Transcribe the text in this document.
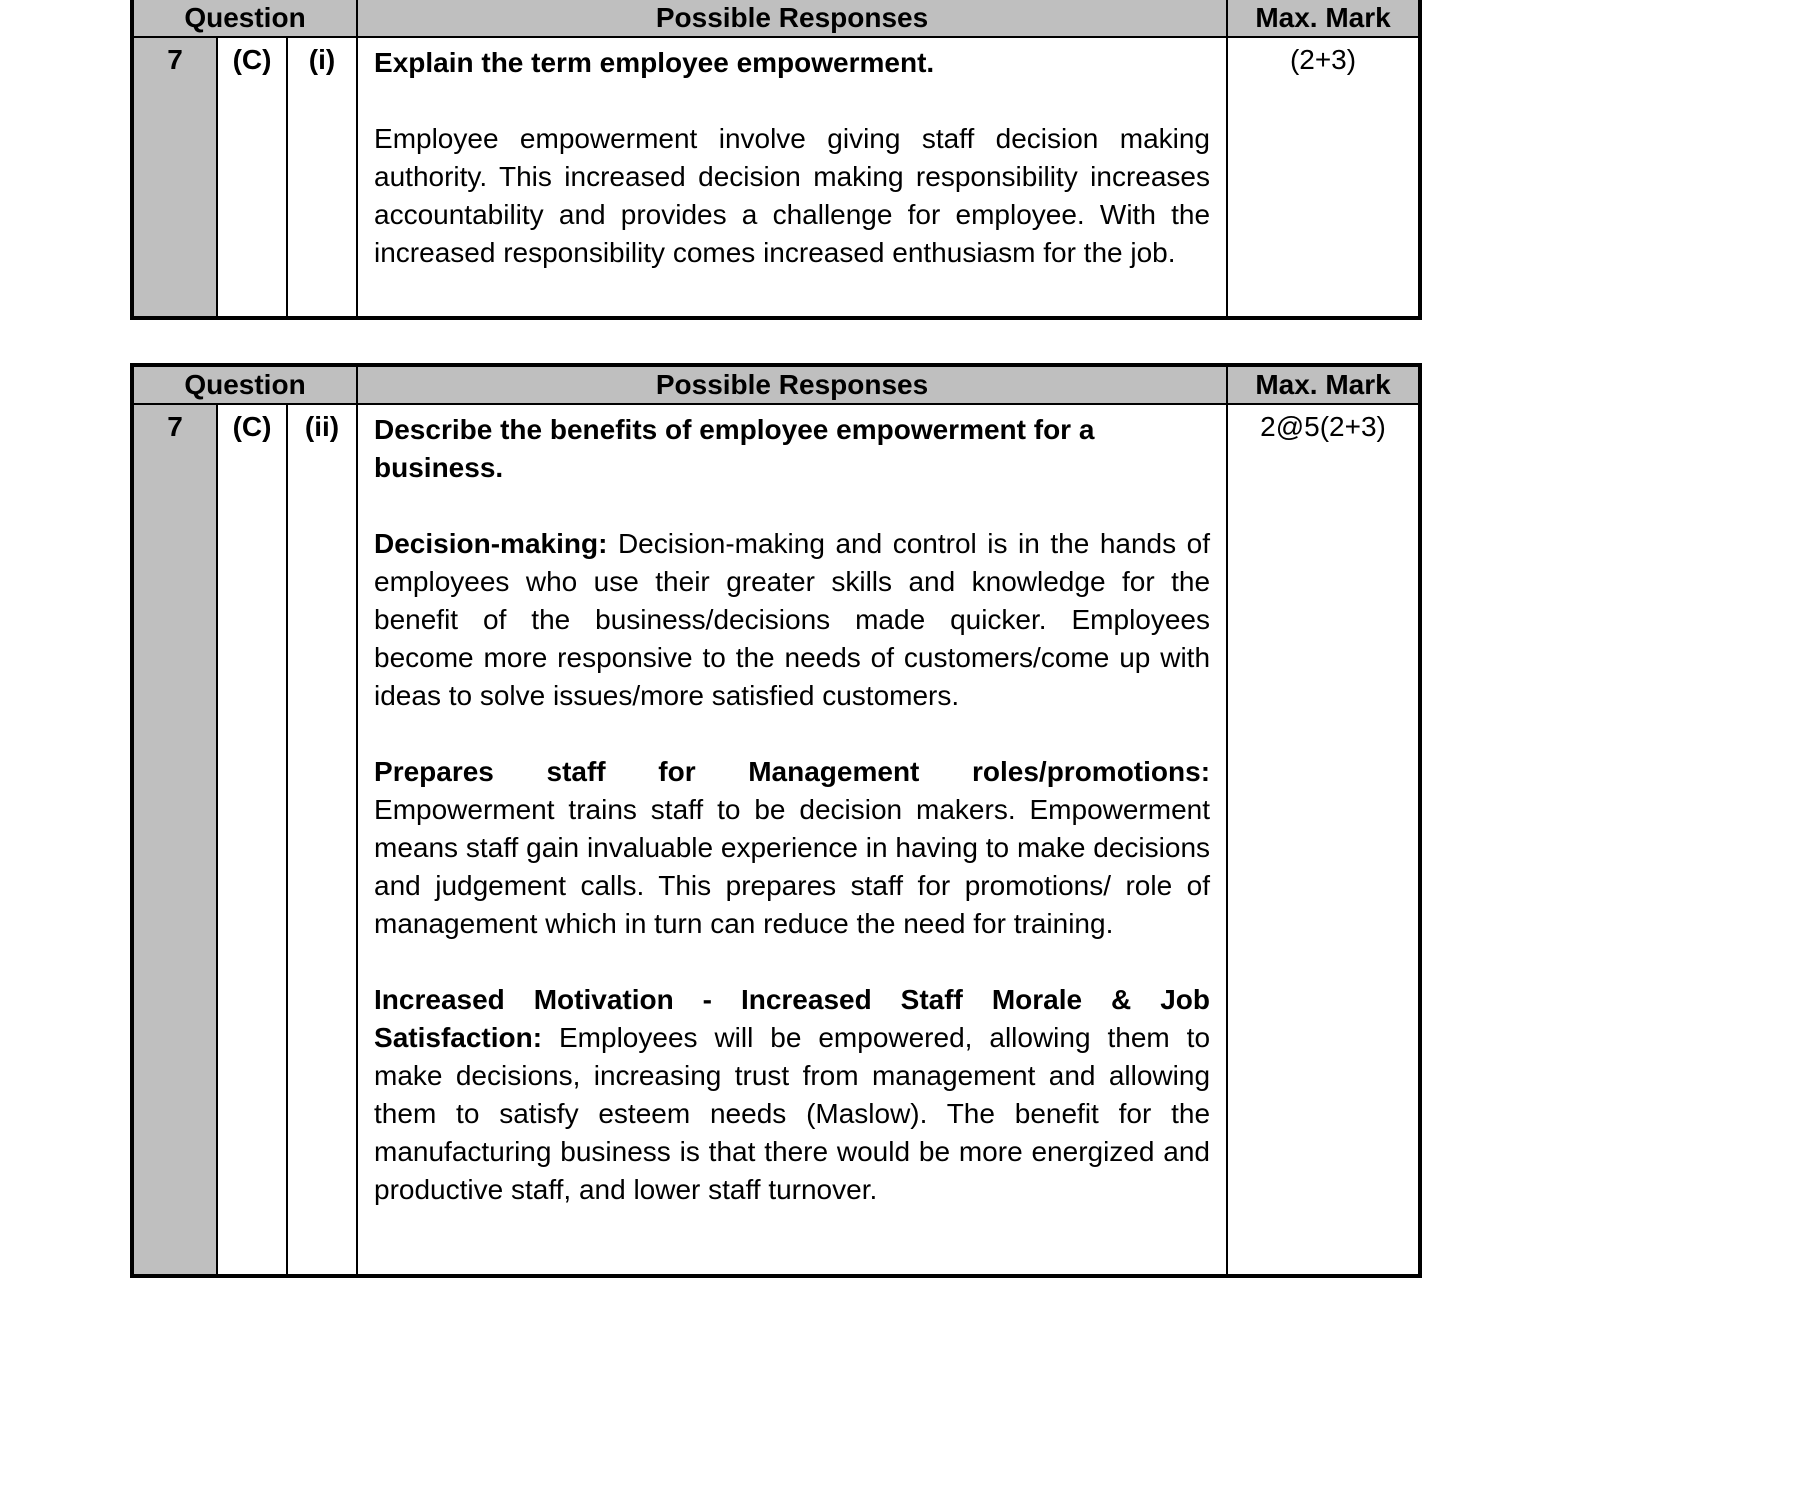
Question			Possible Responses	Max. Mark
7	(C)	(i)	Explain the term employee empowerment.

Employee empowerment involve giving staff decision making authority. This increased decision making responsibility increases accountability and provides a challenge for employee. With the increased responsibility comes increased enthusiasm for the job.	(2+3)
Question			Possible Responses	Max. Mark
7	(C)	(ii)	Describe the benefits of employee empowerment for a business.

Decision-making: Decision-making and control is in the hands of employees who use their greater skills and knowledge for the benefit of the business/decisions made quicker. Employees become more responsive to the needs of customers/come up with ideas to solve issues/more satisfied customers.

Prepares staff for Management roles/promotions: Empowerment trains staff to be decision makers. Empowerment means staff gain invaluable experience in having to make decisions and judgement calls. This prepares staff for promotions/ role of management which in turn can reduce the need for training.

Increased Motivation - Increased Staff Morale & Job Satisfaction: Employees will be empowered, allowing them to make decisions, increasing trust from management and allowing them to satisfy esteem needs (Maslow). The benefit for the manufacturing business is that there would be more energized and productive staff, and lower staff turnover.	2@5(2+3)
